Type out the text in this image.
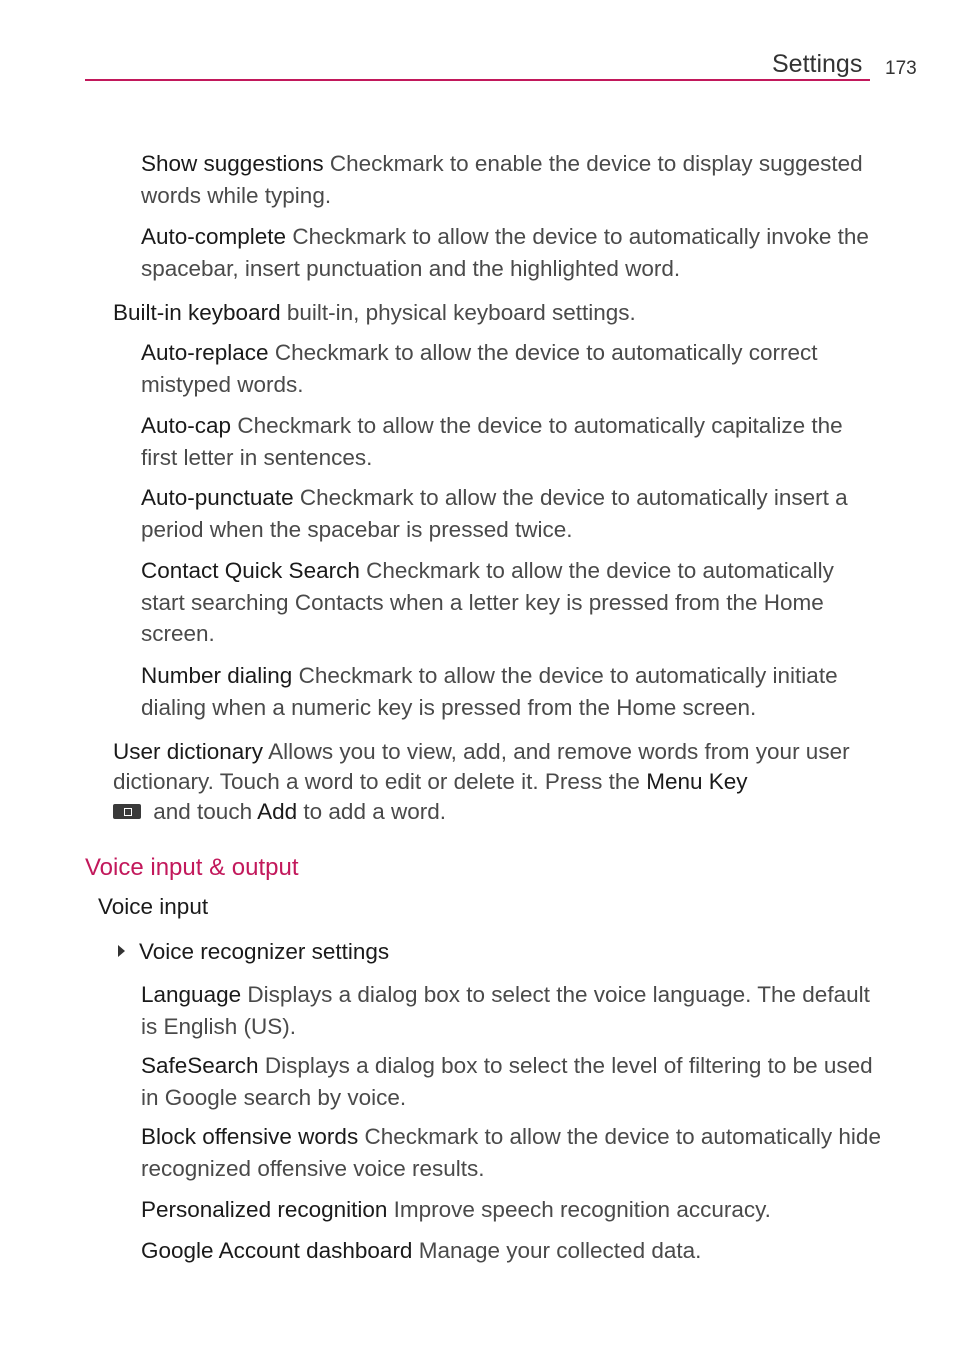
Settings 173
Show suggestions Checkmark to enable the device to display suggested words while typing.
Auto-complete Checkmark to allow the device to automatically invoke the spacebar, insert punctuation and the highlighted word.
Built-in keyboard built-in, physical keyboard settings.
Auto-replace Checkmark to allow the device to automatically correct mistyped words.
Auto-cap Checkmark to allow the device to automatically capitalize the first letter in sentences.
Auto-punctuate Checkmark to allow the device to automatically insert a period when the spacebar is pressed twice.
Contact Quick Search Checkmark to allow the device to automatically start searching Contacts when a letter key is pressed from the Home screen.
Number dialing Checkmark to allow the device to automatically initiate dialing when a numeric key is pressed from the Home screen.
User dictionary Allows you to view, add, and remove words from your user dictionary. Touch a word to edit or delete it. Press the Menu Key
and touch Add to add a word.
Voice input & output
Voice input
Voice recognizer settings
Language Displays a dialog box to select the voice language. The default is English (US).
SafeSearch Displays a dialog box to select the level of filtering to be used in Google search by voice.
Block offensive words Checkmark to allow the device to automatically hide recognized offensive voice results.
Personalized recognition Improve speech recognition accuracy.
Google Account dashboard Manage your collected data.
